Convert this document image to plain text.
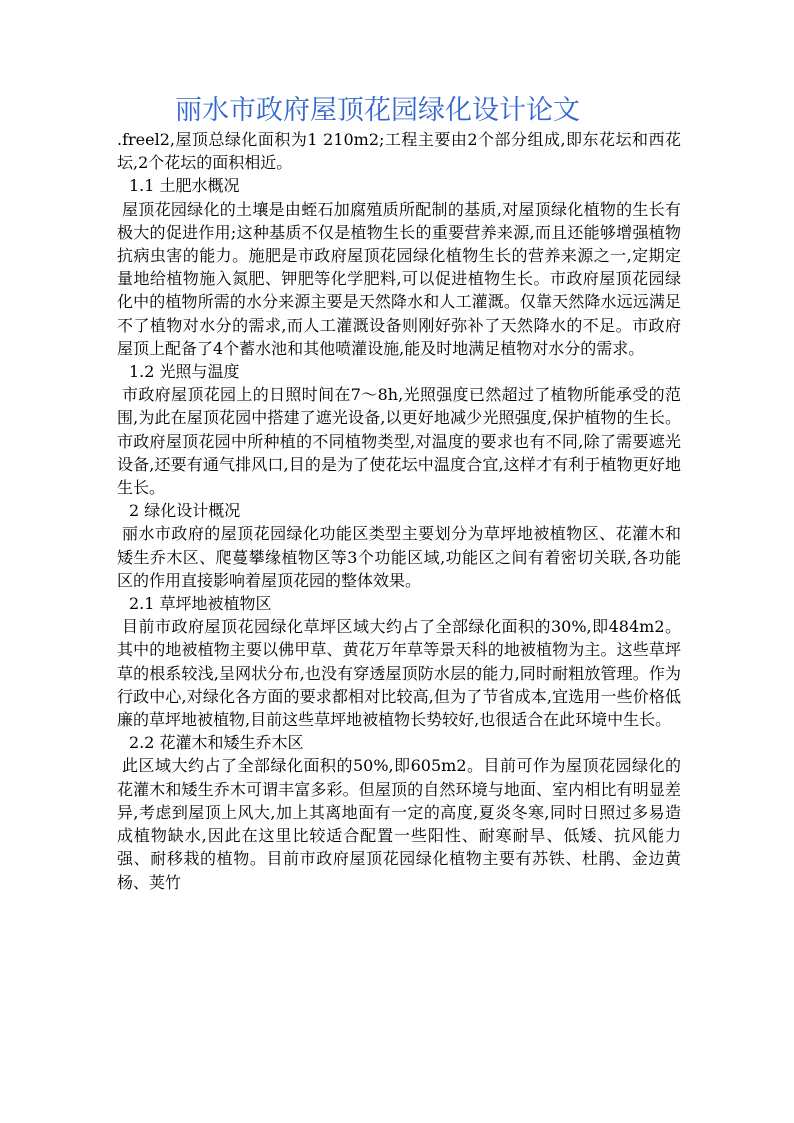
丽水市政府屋顶花园绿化设计论文

.freel2,屋顶总绿化面积为1 210m2;工程主要由2个部分组成,即东花坛和西花坛,2个花坛的面积相近。

1.1 土肥水概况

屋顶花园绿化的土壤是由蛭石加腐殖质所配制的基质,对屋顶绿化植物的生长有极大的促进作用;这种基质不仅是植物生长的重要营养来源,而且还能够增强植物抗病虫害的能力。施肥是市政府屋顶花园绿化植物生长的营养来源之一,定期定量地给植物施入氮肥、钾肥等化学肥料,可以促进植物生长。市政府屋顶花园绿化中的植物所需的水分来源主要是天然降水和人工灌溉。仅靠天然降水远远满足不了植物对水分的需求,而人工灌溉设备则刚好弥补了天然降水的不足。市政府屋顶上配备了4个蓄水池和其他喷灌设施,能及时地满足植物对水分的需求。

1.2 光照与温度

市政府屋顶花园上的日照时间在7～8h,光照强度已然超过了植物所能承受的范围,为此在屋顶花园中搭建了遮光设备,以更好地减少光照强度,保护植物的生长。市政府屋顶花园中所种植的不同植物类型,对温度的要求也有不同,除了需要遮光设备,还要有通气排风口,目的是为了使花坛中温度合宜,这样才有利于植物更好地生长。

2 绿化设计概况

丽水市政府的屋顶花园绿化功能区类型主要划分为草坪地被植物区、花灌木和矮生乔木区、爬蔓攀缘植物区等3个功能区域,功能区之间有着密切关联,各功能区的作用直接影响着屋顶花园的整体效果。

2.1 草坪地被植物区

目前市政府屋顶花园绿化草坪区域大约占了全部绿化面积的30%,即484m2。其中的地被植物主要以佛甲草、黄花万年草等景天科的地被植物为主。这些草坪草的根系较浅,呈网状分布,也没有穿透屋顶防水层的能力,同时耐粗放管理。作为行政中心,对绿化各方面的要求都相对比较高,但为了节省成本,宜选用一些价格低廉的草坪地被植物,目前这些草坪地被植物长势较好,也很适合在此环境中生长。

2.2 花灌木和矮生乔木区

此区域大约占了全部绿化面积的50%,即605m2。目前可作为屋顶花园绿化的花灌木和矮生乔木可谓丰富多彩。但屋顶的自然环境与地面、室内相比有明显差异,考虑到屋顶上风大,加上其离地面有一定的高度,夏炎冬寒,同时日照过多易造成植物缺水,因此在这里比较适合配置一些阳性、耐寒耐旱、低矮、抗风能力强、耐移栽的植物。目前市政府屋顶花园绿化植物主要有苏铁、杜鹃、金边黄杨、荚竹
